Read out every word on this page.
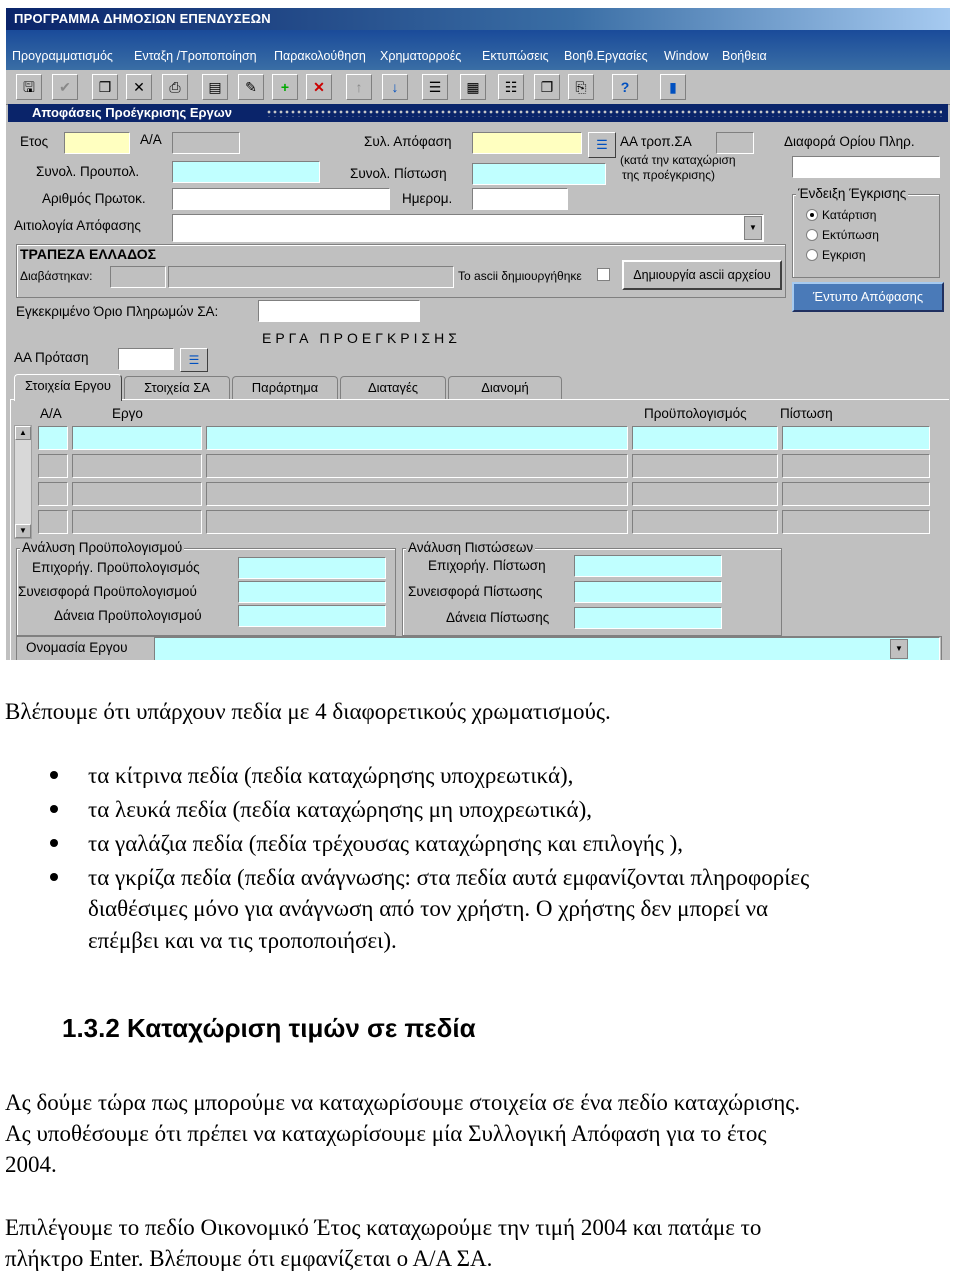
ΠΡΟΓΡΑΜΜΑ ΔΗΜΟΣΙΩΝ ΕΠΕΝΔΥΣΕΩΝ
Προγραμματισμός Ενταξη /Τροποποίηση Παρακολούθηση Χρηματορροές Εκτυπώσεις Βοηθ.Εργασίες Window Βοήθεια
🖫	✔	❒	✕	⎙	▤	✎	+	✕	↑	↓	☰	▦	☷	❐	⎘	?	▮
Αποφάσεις Προέγκρισης Εργων
Ετος	Α/Α	Συλ. Απόφαση	☰ ΑΑ τροπ.ΣΑ
(κατά την καταχώριση
της προέγκρισης)
Διαφορά Ορίου Πληρ.
Συνολ. Προυπολ.	Συνολ. Πίστωση
Αριθμός Πρωτοκ.	Ημερομ.	Ένδειξη Έγκρισης
Κατάρτιση
Εκτύπωση
Εγκριση
Αιτιολογία Απόφασης	▼
ΤΡΑΠΕΖΑ ΕΛΛΑΔΟΣ
Διαβάστηκαν:	Το ascii δημιουργήθηκε	Δημιουργία ascii αρχείου
Έντυπο Απόφασης
Εγκεκριμένο Όριο Πληρωμών ΣΑ:
ΕΡΓΑ ΠΡΟΕΓΚΡΙΣΗΣ
ΑΑ Πρόταση	☰
Στοιχεία Εργου	Στοιχεία ΣΑ	Παράρτημα	Διαταγές	Διανομή
Α/Α	Εργο	Προϋπολογισμός Πίστωση
▲
▼
Ανάλυση Προϋπολογισμού
Επιχορήγ. Προϋπολογισμός
Συνεισφορά Προϋπολογισμού
Δάνεια Προϋπολογισμού
Ανάλυση Πιστώσεων
Επιχορήγ. Πίστωση
Συνεισφορά Πίστωσης
Δάνεια Πίστωσης
Ονομασία Εργου	▼
Βλέπουμε ότι υπάρχουν πεδία με 4 διαφορετικούς χρωματισμούς.
τα κίτρινα πεδία (πεδία καταχώρησης υποχρεωτικά),
τα λευκά πεδία (πεδία καταχώρησης μη υποχρεωτικά),
τα γαλάζια πεδία (πεδία τρέχουσας καταχώρησης και επιλογής ),
τα γκρίζα πεδία (πεδία ανάγνωσης: στα πεδία αυτά εμφανίζονται πληροφορίες
διαθέσιμες μόνο για ανάγνωση από τον χρήστη. Ο χρήστης δεν μπορεί να
επέμβει και να τις τροποποιήσει).
1.3.2 Καταχώριση τιμών σε πεδία
Ας δούμε τώρα πως μπορούμε να καταχωρίσουμε στοιχεία σε ένα πεδίο καταχώρισης.
Ας υποθέσουμε ότι πρέπει να καταχωρίσουμε μία Συλλογική Απόφαση για το έτος
2004.
Επιλέγουμε το πεδίο Οικονομικό Έτος καταχωρούμε την τιμή 2004 και πατάμε το
πλήκτρο Enter. Βλέπουμε ότι εμφανίζεται ο Α/Α ΣΑ.
